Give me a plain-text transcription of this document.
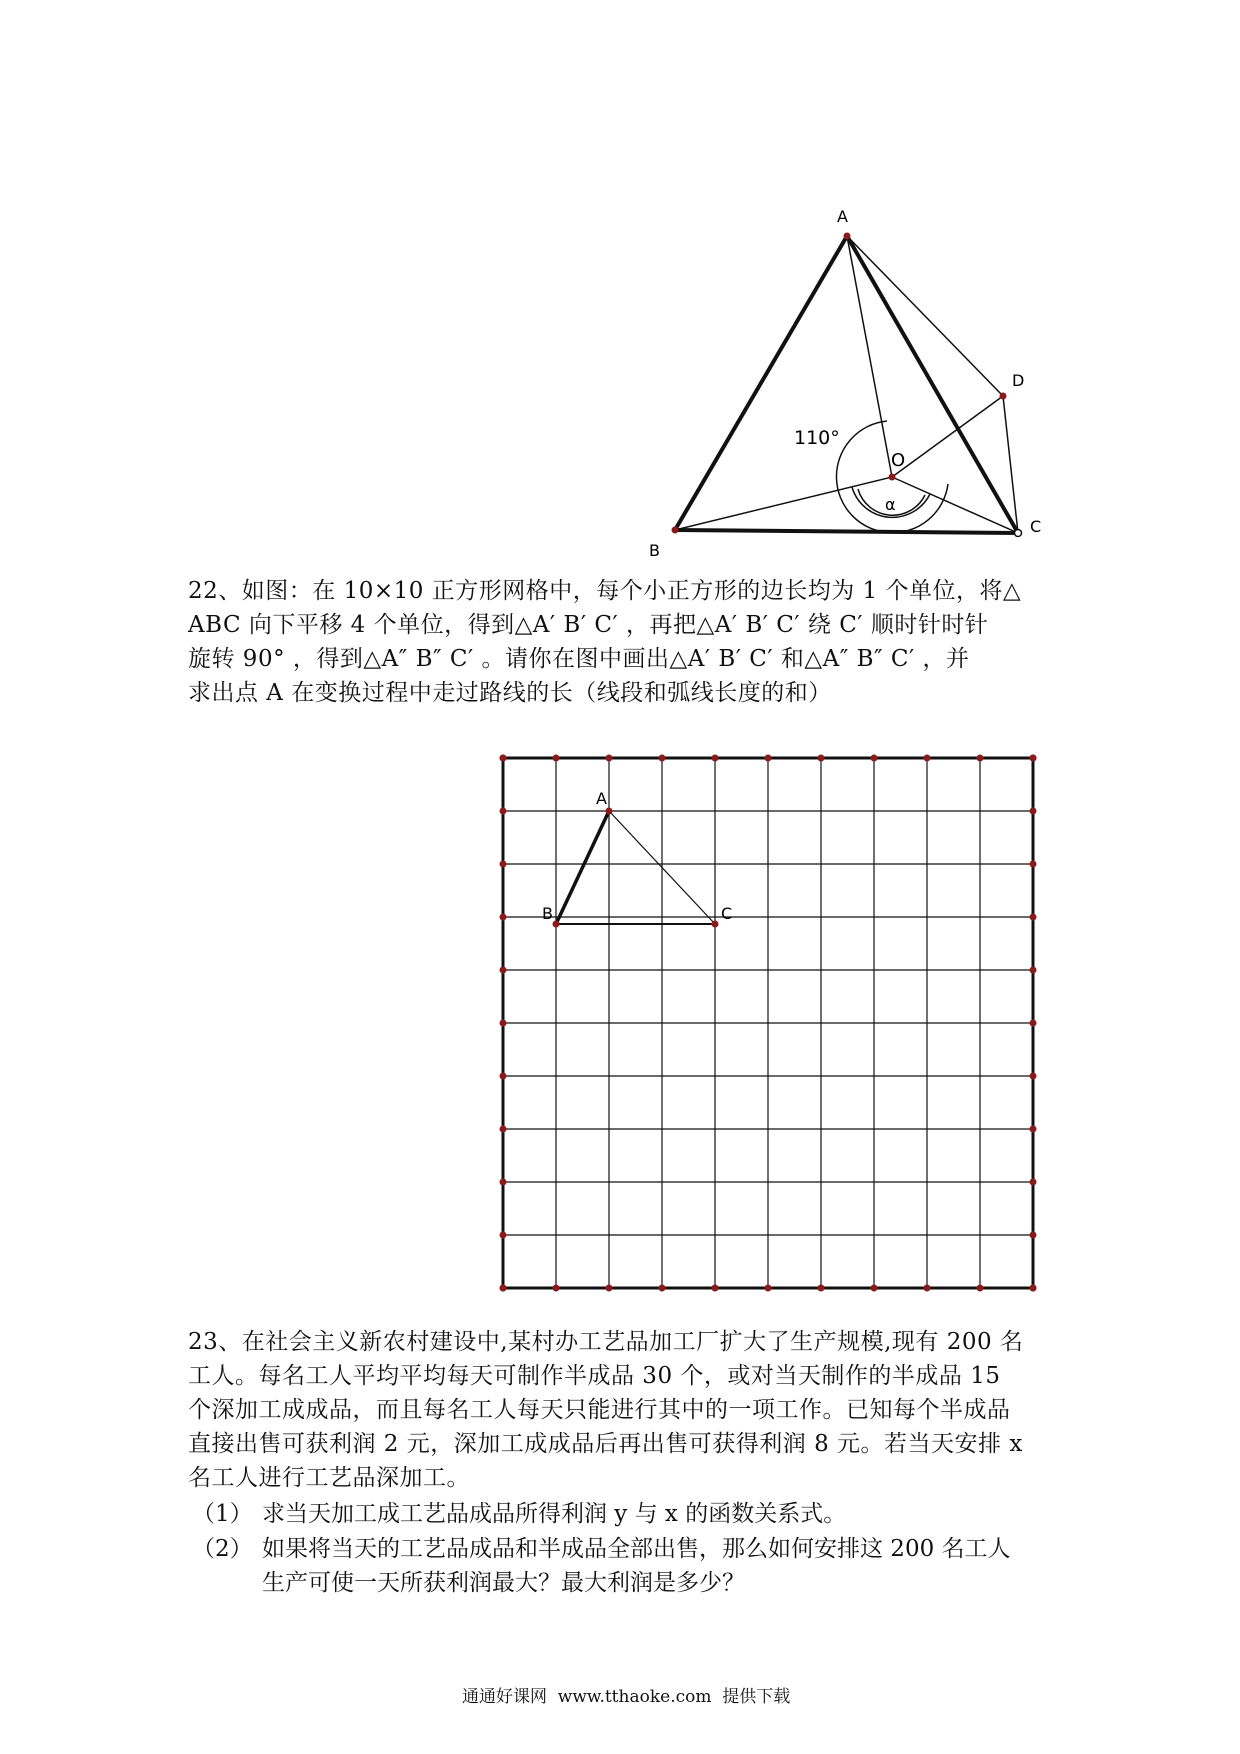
A
B
C
D
O
110°
α
22、如图：在 10×10 正方形网格中，每个小正方形的边长均为 1 个单位，将△
ABC 向下平移 4 个单位，得到△A′ B′ C′ ，再把△A′ B′ C′ 绕 C′ 顺时针时针
旋转 90° ，得到△A″ B″ C′ 。请你在图中画出△A′ B′ C′ 和△A″ B″ C′ ，并
求出点 A 在变换过程中走过路线的长（线段和弧线长度的和）
A
B	C
23、在社会主义新农村建设中,某村办工艺品加工厂扩大了生产规模,现有 200 名
工人。每名工人平均平均每天可制作半成品 30 个，或对当天制作的半成品 15
个深加工成成品，而且每名工人每天只能进行其中的一项工作。已知每个半成品
直接出售可获利润 2 元，深加工成成品后再出售可获得利润 8 元。若当天安排 x
名工人进行工艺品深加工。
（1） 求当天加工成工艺品成品所得利润 y 与 x 的函数关系式。
（2） 如果将当天的工艺品成品和半成品全部出售，那么如何安排这 200 名工人
生产可使一天所获利润最大？最大利润是多少？
通通好课网  www.tthaoke.com  提供下载
